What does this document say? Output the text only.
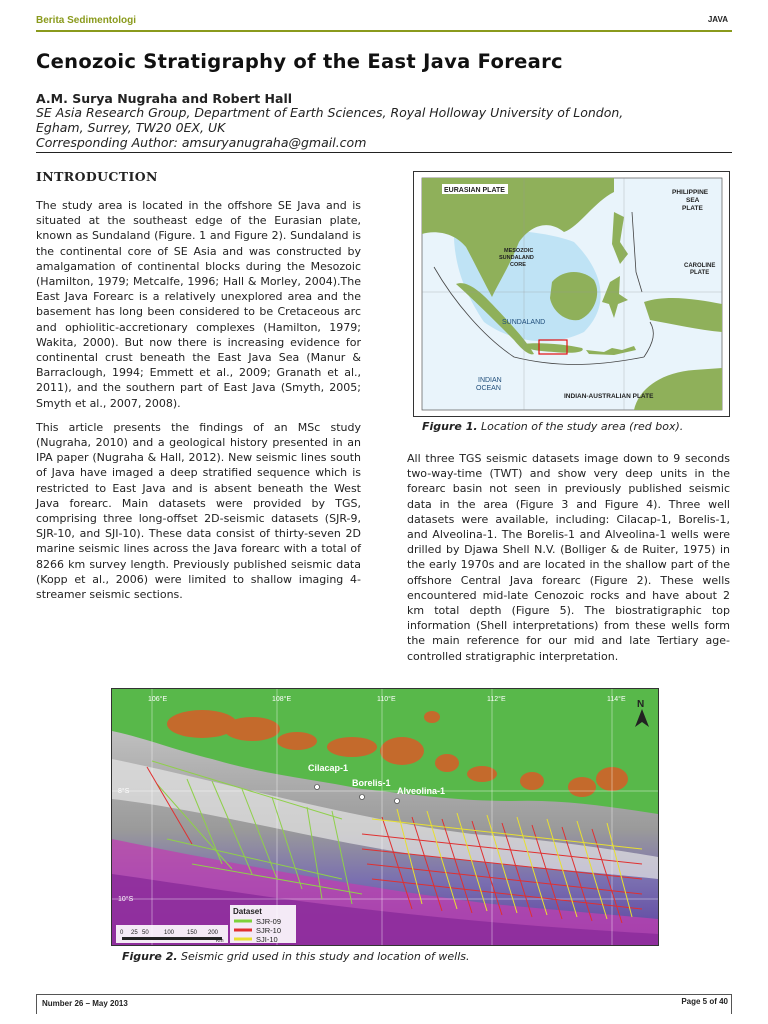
Berita Sedimentologi	JAVA
Cenozoic Stratigraphy of the East Java Forearc
A.M. Surya Nugraha and Robert Hall
SE Asia Research Group, Department of Earth Sciences, Royal Holloway University of London,
Egham, Surrey, TW20 0EX, UK
Corresponding Author: amsuryanugraha@gmail.com
INTRODUCTION

The study area is located in the offshore SE Java and is situated at the southeast edge of the Eurasian plate, known as Sundaland (Figure. 1 and Figure 2). Sundaland is the continental core of SE Asia and was constructed by amalgamation of continental blocks during the Mesozoic (Hamilton, 1979; Metcalfe, 1996; Hall & Morley, 2004).The East Java Forearc is a relatively unexplored area and the basement has long been considered to be Cretaceous arc and ophiolitic-accretionary complexes (Hamilton, 1979; Wakita, 2000). But now there is increasing evidence for continental crust beneath the East Java Sea (Manur & Barraclough, 1994; Emmett et al., 2009; Granath et al., 2011), and the southern part of East Java (Smyth, 2005; Smyth et al., 2007, 2008).

This article presents the findings of an MSc study (Nugraha, 2010) and a geological history presented in an IPA paper (Nugraha & Hall, 2012). New seismic lines south of Java have imaged a deep stratified sequence which is restricted to East Java and is absent beneath the West Java forearc. Main datasets were provided by TGS, comprising three long-offset 2D-seismic datasets (SJR-9, SJR-10, and SJI-10). These data consist of thirty-seven 2D marine seismic lines across the Java forearc with a total of 8266 km survey length. Previously published seismic data (Kopp et al., 2006) were limited to shallow imaging 4-streamer seismic sections.

EURASIAN PLATE	PHILIPPINE
SEA
PLATE
CAROLINE
PLATE
MESOZOIC
SUNDALAND
CORE
SUNDALAND
INDIAN
OCEAN
INDIAN-AUSTRALIAN PLATE
Figure 1. Location of the study area (red box).

All three TGS seismic datasets image down to 9 seconds two-way-time (TWT) and show very deep units in the forearc basin not seen in previously published seismic data in the area (Figure 3 and Figure 4). Three well datasets were available, including: Cilacap-1, Borelis-1, and Alveolina-1. The Borelis-1 and Alveolina-1 wells were drilled by Djawa Shell N.V. (Bolliger & de Ruiter, 1975) in the early 1970s and are located in the shallow part of the offshore Central Java forearc (Figure 2). These wells encountered mid-late Cenozoic rocks and have about 2 km total depth (Figure 5). The biostratigraphic top information (Shell interpretations) from these wells form the main reference for our mid and late Tertiary age-controlled stratigraphic interpretation.

106°E	108°E	110°E	112°E	114°E
8°S
10°S
Cilacap-1
Borelis-1
Alveolina-1
N
Dataset
SJR-09
SJR-10
SJI-10
0 25 50	100 150 200
Km
Figure 2. Seismic grid used in this study and location of wells.
Number 26 – May 2013	Page 5 of 40
